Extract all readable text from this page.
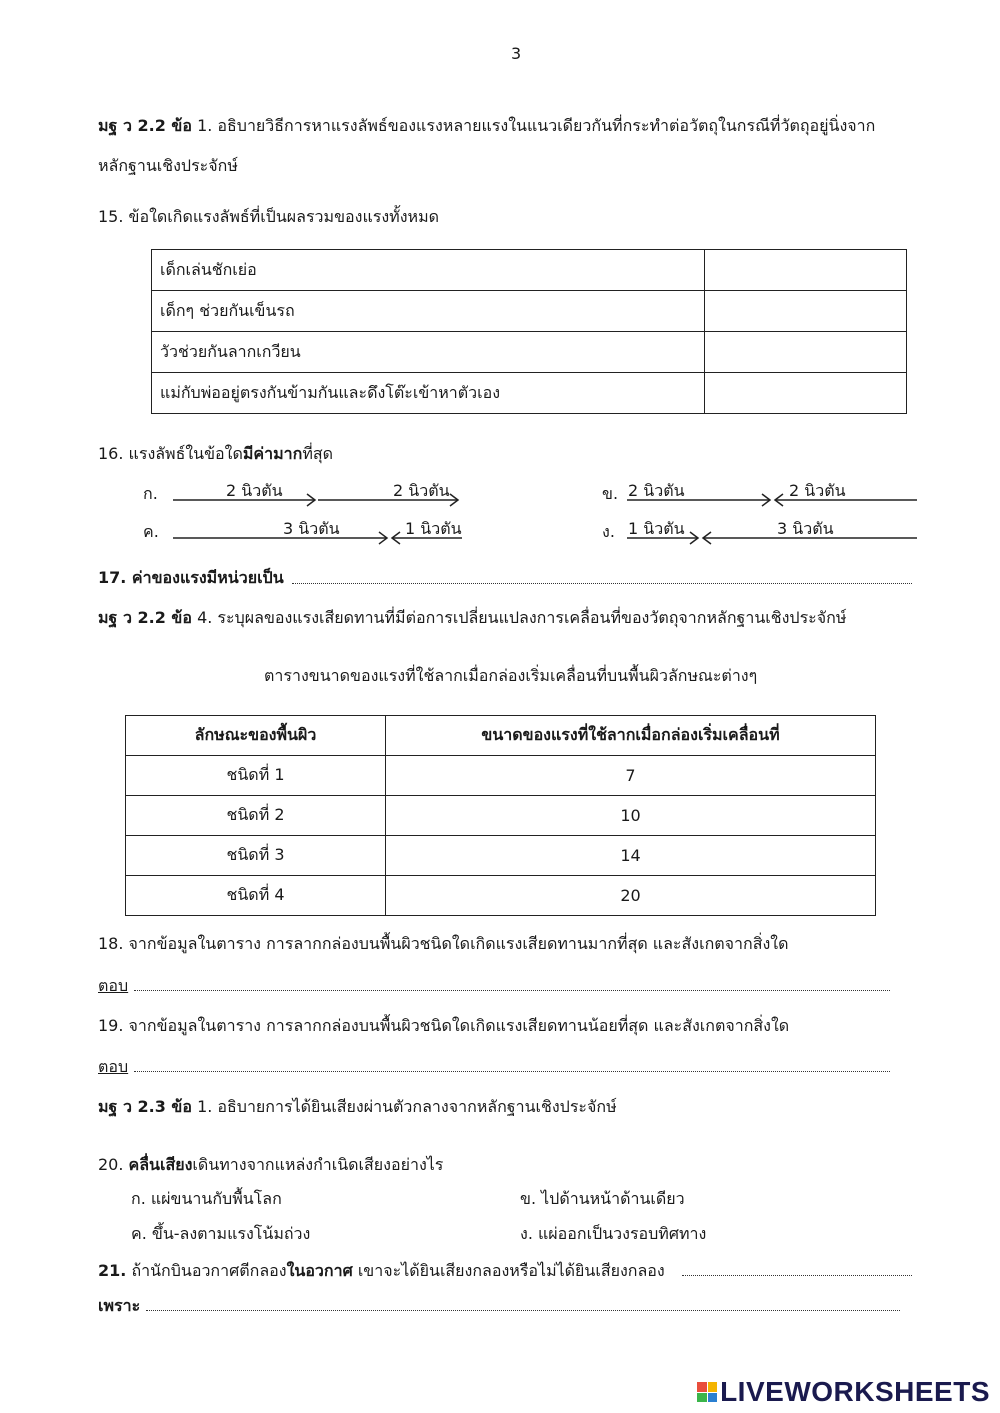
3
มฐ ว 2.2 ข้อ 1. อธิบายวิธีการหาแรงลัพธ์ของแรงหลายแรงในแนวเดียวกันที่กระทำต่อวัตถุในกรณีที่วัตถุอยู่นิ่งจาก
หลักฐานเชิงประจักษ์
15. ข้อใดเกิดแรงลัพธ์ที่เป็นผลรวมของแรงทั้งหมด
เด็กเล่นชักเย่อ	
เด็กๆ ช่วยกันเข็นรถ	
วัวช่วยกันลากเกวียน	
แม่กับพ่ออยู่ตรงกันข้ามกันและดึงโต๊ะเข้าหาตัวเอง	
16. แรงลัพธ์ในข้อใดมีค่ามากที่สุด
ก.	2 นิวตัน	2 นิวตัน	ข. 2 นิวตัน	2 นิวตัน
ค.	3 นิวตัน	1 นิวตัน	ง. 1 นิวตัน	3 นิวตัน
17. ค่าของแรงมีหน่วยเป็น
มฐ ว 2.2 ข้อ 4. ระบุผลของแรงเสียดทานที่มีต่อการเปลี่ยนแปลงการเคลื่อนที่ของวัตถุจากหลักฐานเชิงประจักษ์
ตารางขนาดของแรงที่ใช้ลากเมื่อกล่องเริ่มเคลื่อนที่บนพื้นผิวลักษณะต่างๆ
ลักษณะของพื้นผิว	ขนาดของแรงที่ใช้ลากเมื่อกล่องเริ่มเคลื่อนที่
ชนิดที่ 1	7
ชนิดที่ 2	10
ชนิดที่ 3	14
ชนิดที่ 4	20
18. จากข้อมูลในตาราง การลากกล่องบนพื้นผิวชนิดใดเกิดแรงเสียดทานมากที่สุด และสังเกตจากสิ่งใด
ตอบ
19. จากข้อมูลในตาราง การลากกล่องบนพื้นผิวชนิดใดเกิดแรงเสียดทานน้อยที่สุด และสังเกตจากสิ่งใด
ตอบ
มฐ ว 2.3 ข้อ 1. อธิบายการได้ยินเสียงผ่านตัวกลางจากหลักฐานเชิงประจักษ์
20. คลื่นเสียงเดินทางจากแหล่งกำเนิดเสียงอย่างไร
ก. แผ่ขนานกับพื้นโลก	ข. ไปด้านหน้าด้านเดียว
ค. ขึ้น-ลงตามแรงโน้มถ่วง	ง. แผ่ออกเป็นวงรอบทิศทาง
21. ถ้านักบินอวกาศตีกลองในอวกาศ เขาจะได้ยินเสียงกลองหรือไม่ได้ยินเสียงกลอง
เพราะ
LIVEWORKSHEETS
